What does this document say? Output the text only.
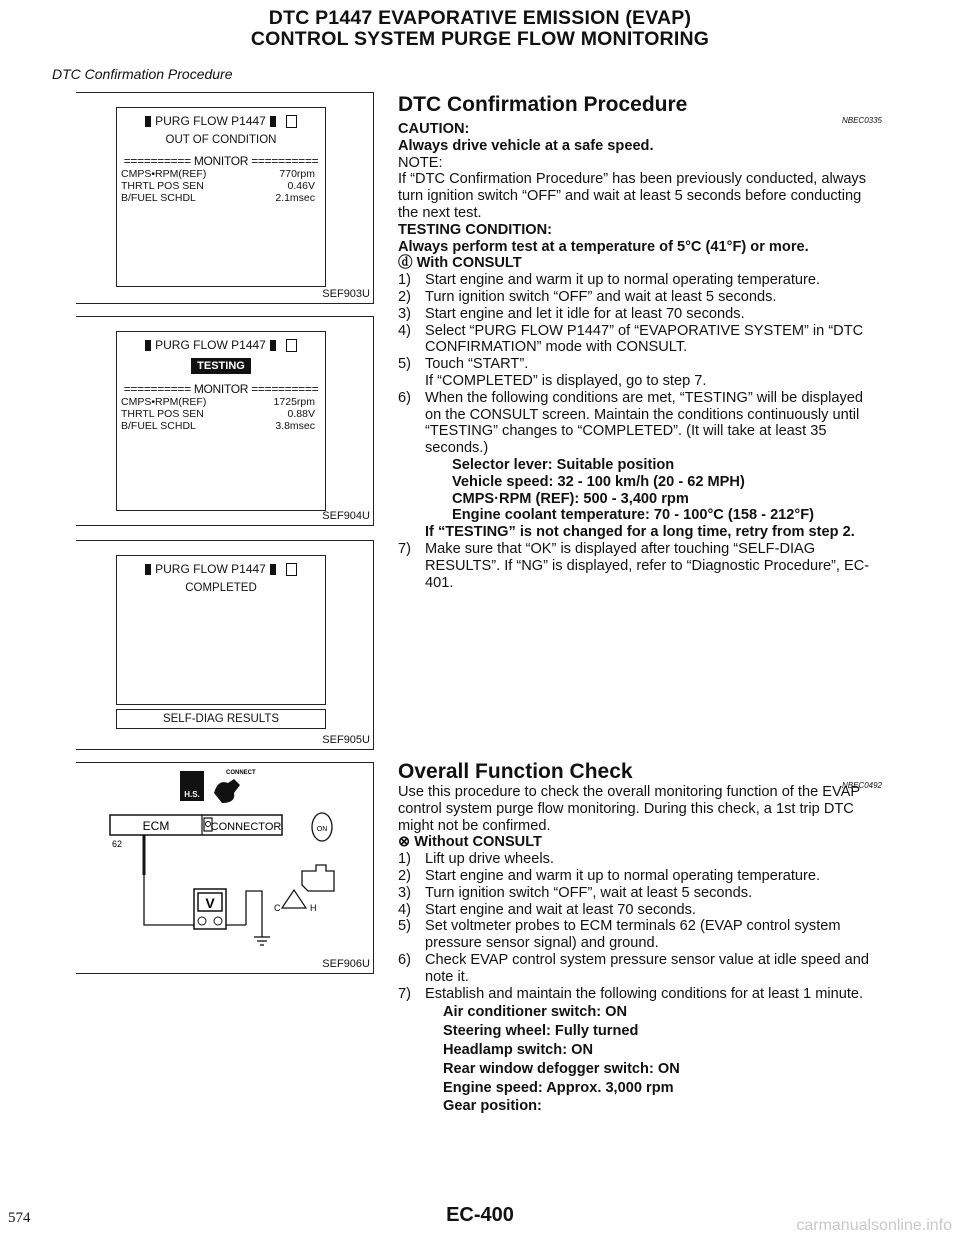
DTC P1447 EVAPORATIVE EMISSION (EVAP)
CONTROL SYSTEM PURGE FLOW MONITORING
DTC Confirmation Procedure
PURG FLOW P1447
OUT OF CONDITION
========== MONITOR ==========
CMPS•RPM(REF)	770rpm
THRTL POS SEN	0.46V
B/FUEL SCHDL	2.1msec
SEF903U
PURG FLOW P1447
TESTING
========== MONITOR ==========
CMPS•RPM(REF)	1725rpm
THRTL POS SEN	0.88V
B/FUEL SCHDL	3.8msec
SEF904U
PURG FLOW P1447
COMPLETED
SELF-DIAG RESULTS
SEF905U
H.S.
CONNECT
ECM	CONNECTOR
62
ON
V	C	H
SEF906U
DTC Confirmation Procedure
NBEC0335
CAUTION:
Always drive vehicle at a safe speed.
NOTE:
If “DTC Confirmation Procedure” has been previously conducted, always turn ignition switch “OFF” and wait at least 5 seconds before conducting the next test.
TESTING CONDITION:
Always perform test at a temperature of 5°C (41°F) or more.
ⓓ With CONSULT
1) Start engine and warm it up to normal operating temperature.
2) Turn ignition switch “OFF” and wait at least 5 seconds.
3) Start engine and let it idle for at least 70 seconds.
4) Select “PURG FLOW P1447” of “EVAPORATIVE SYSTEM” in “DTC CONFIRMATION” mode with CONSULT.
5) Touch “START”.
If “COMPLETED” is displayed, go to step 7.
6) When the following conditions are met, “TESTING” will be displayed on the CONSULT screen. Maintain the conditions continuously until “TESTING” changes to “COMPLETED”. (It will take at least 35 seconds.)
Selector lever: Suitable position
Vehicle speed: 32 - 100 km/h (20 - 62 MPH)
CMPS·RPM (REF): 500 - 3,400 rpm
Engine coolant temperature: 70 - 100°C (158 - 212°F)
If “TESTING” is not changed for a long time, retry from step 2.
7) Make sure that “OK” is displayed after touching “SELF-DIAG RESULTS”. If “NG” is displayed, refer to “Diagnostic Procedure”, EC-401.
Overall Function Check
NBEC0492
Use this procedure to check the overall monitoring function of the EVAP control system purge flow monitoring. During this check, a 1st trip DTC might not be confirmed.
⊗ Without CONSULT
1) Lift up drive wheels.
2) Start engine and warm it up to normal operating temperature.
3) Turn ignition switch “OFF”, wait at least 5 seconds.
4) Start engine and wait at least 70 seconds.
5) Set voltmeter probes to ECM terminals 62 (EVAP control system pressure sensor signal) and ground.
6) Check EVAP control system pressure sensor value at idle speed and note it.
7) Establish and maintain the following conditions for at least 1 minute.
Air conditioner switch: ON
Steering wheel: Fully turned
Headlamp switch: ON
Rear window defogger switch: ON
Engine speed: Approx. 3,000 rpm
Gear position:
574	EC-400	carmanualsonline.info
